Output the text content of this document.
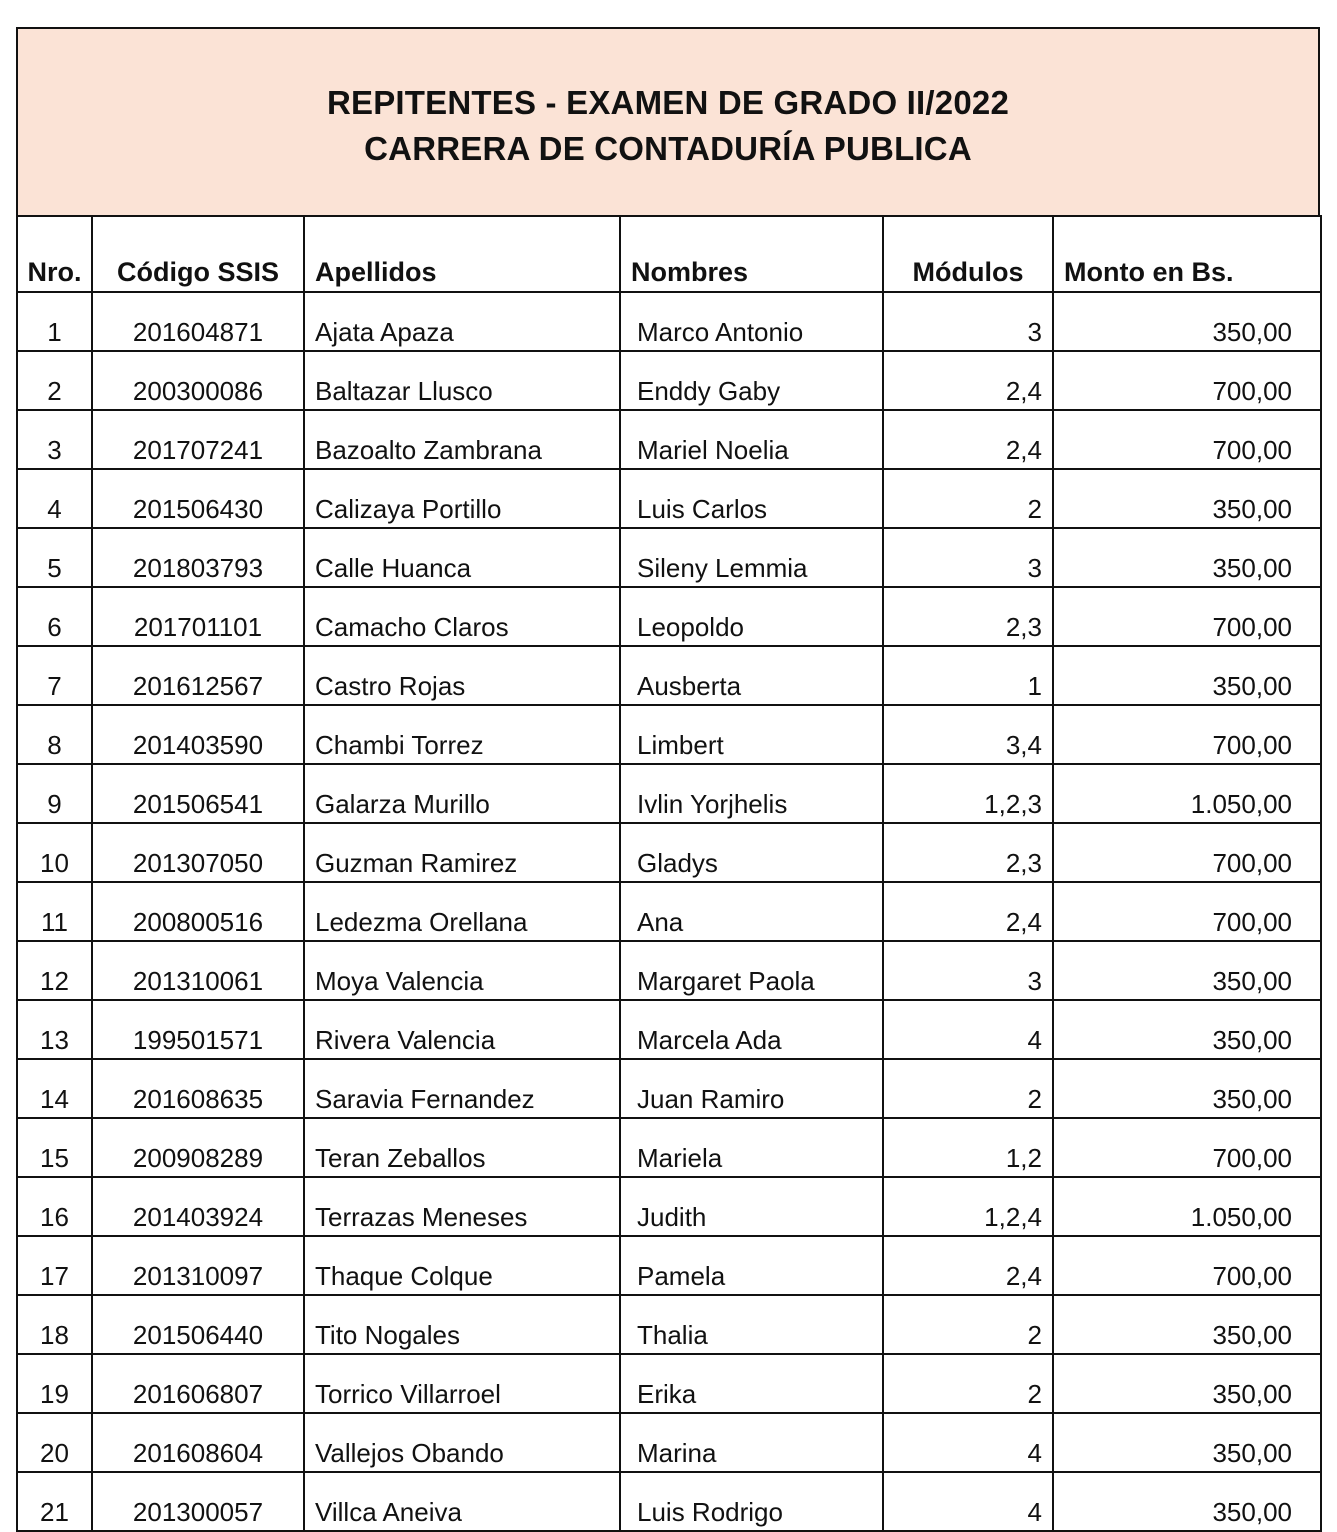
REPITENTES - EXAMEN DE GRADO II/2022
CARRERA DE CONTADURÍA PUBLICA
Nro.	Código SSIS	Apellidos	Nombres	Módulos	Monto en Bs.
1	201604871	Ajata Apaza	Marco Antonio	3	350,00
2	200300086	Baltazar Llusco	Enddy Gaby	2,4	700,00
3	201707241	Bazoalto Zambrana	Mariel Noelia	2,4	700,00
4	201506430	Calizaya Portillo	Luis Carlos	2	350,00
5	201803793	Calle Huanca	Sileny Lemmia	3	350,00
6	201701101	Camacho Claros	Leopoldo	2,3	700,00
7	201612567	Castro Rojas	Ausberta	1	350,00
8	201403590	Chambi Torrez	Limbert	3,4	700,00
9	201506541	Galarza Murillo	Ivlin Yorjhelis	1,2,3	1.050,00
10	201307050	Guzman Ramirez	Gladys	2,3	700,00
11	200800516	Ledezma Orellana	Ana	2,4	700,00
12	201310061	Moya Valencia	Margaret Paola	3	350,00
13	199501571	Rivera Valencia	Marcela Ada	4	350,00
14	201608635	Saravia Fernandez	Juan Ramiro	2	350,00
15	200908289	Teran Zeballos	Mariela	1,2	700,00
16	201403924	Terrazas Meneses	Judith	1,2,4	1.050,00
17	201310097	Thaque Colque	Pamela	2,4	700,00
18	201506440	Tito Nogales	Thalia	2	350,00
19	201606807	Torrico Villarroel	Erika	2	350,00
20	201608604	Vallejos Obando	Marina	4	350,00
21	201300057	Villca Aneiva	Luis Rodrigo	4	350,00
